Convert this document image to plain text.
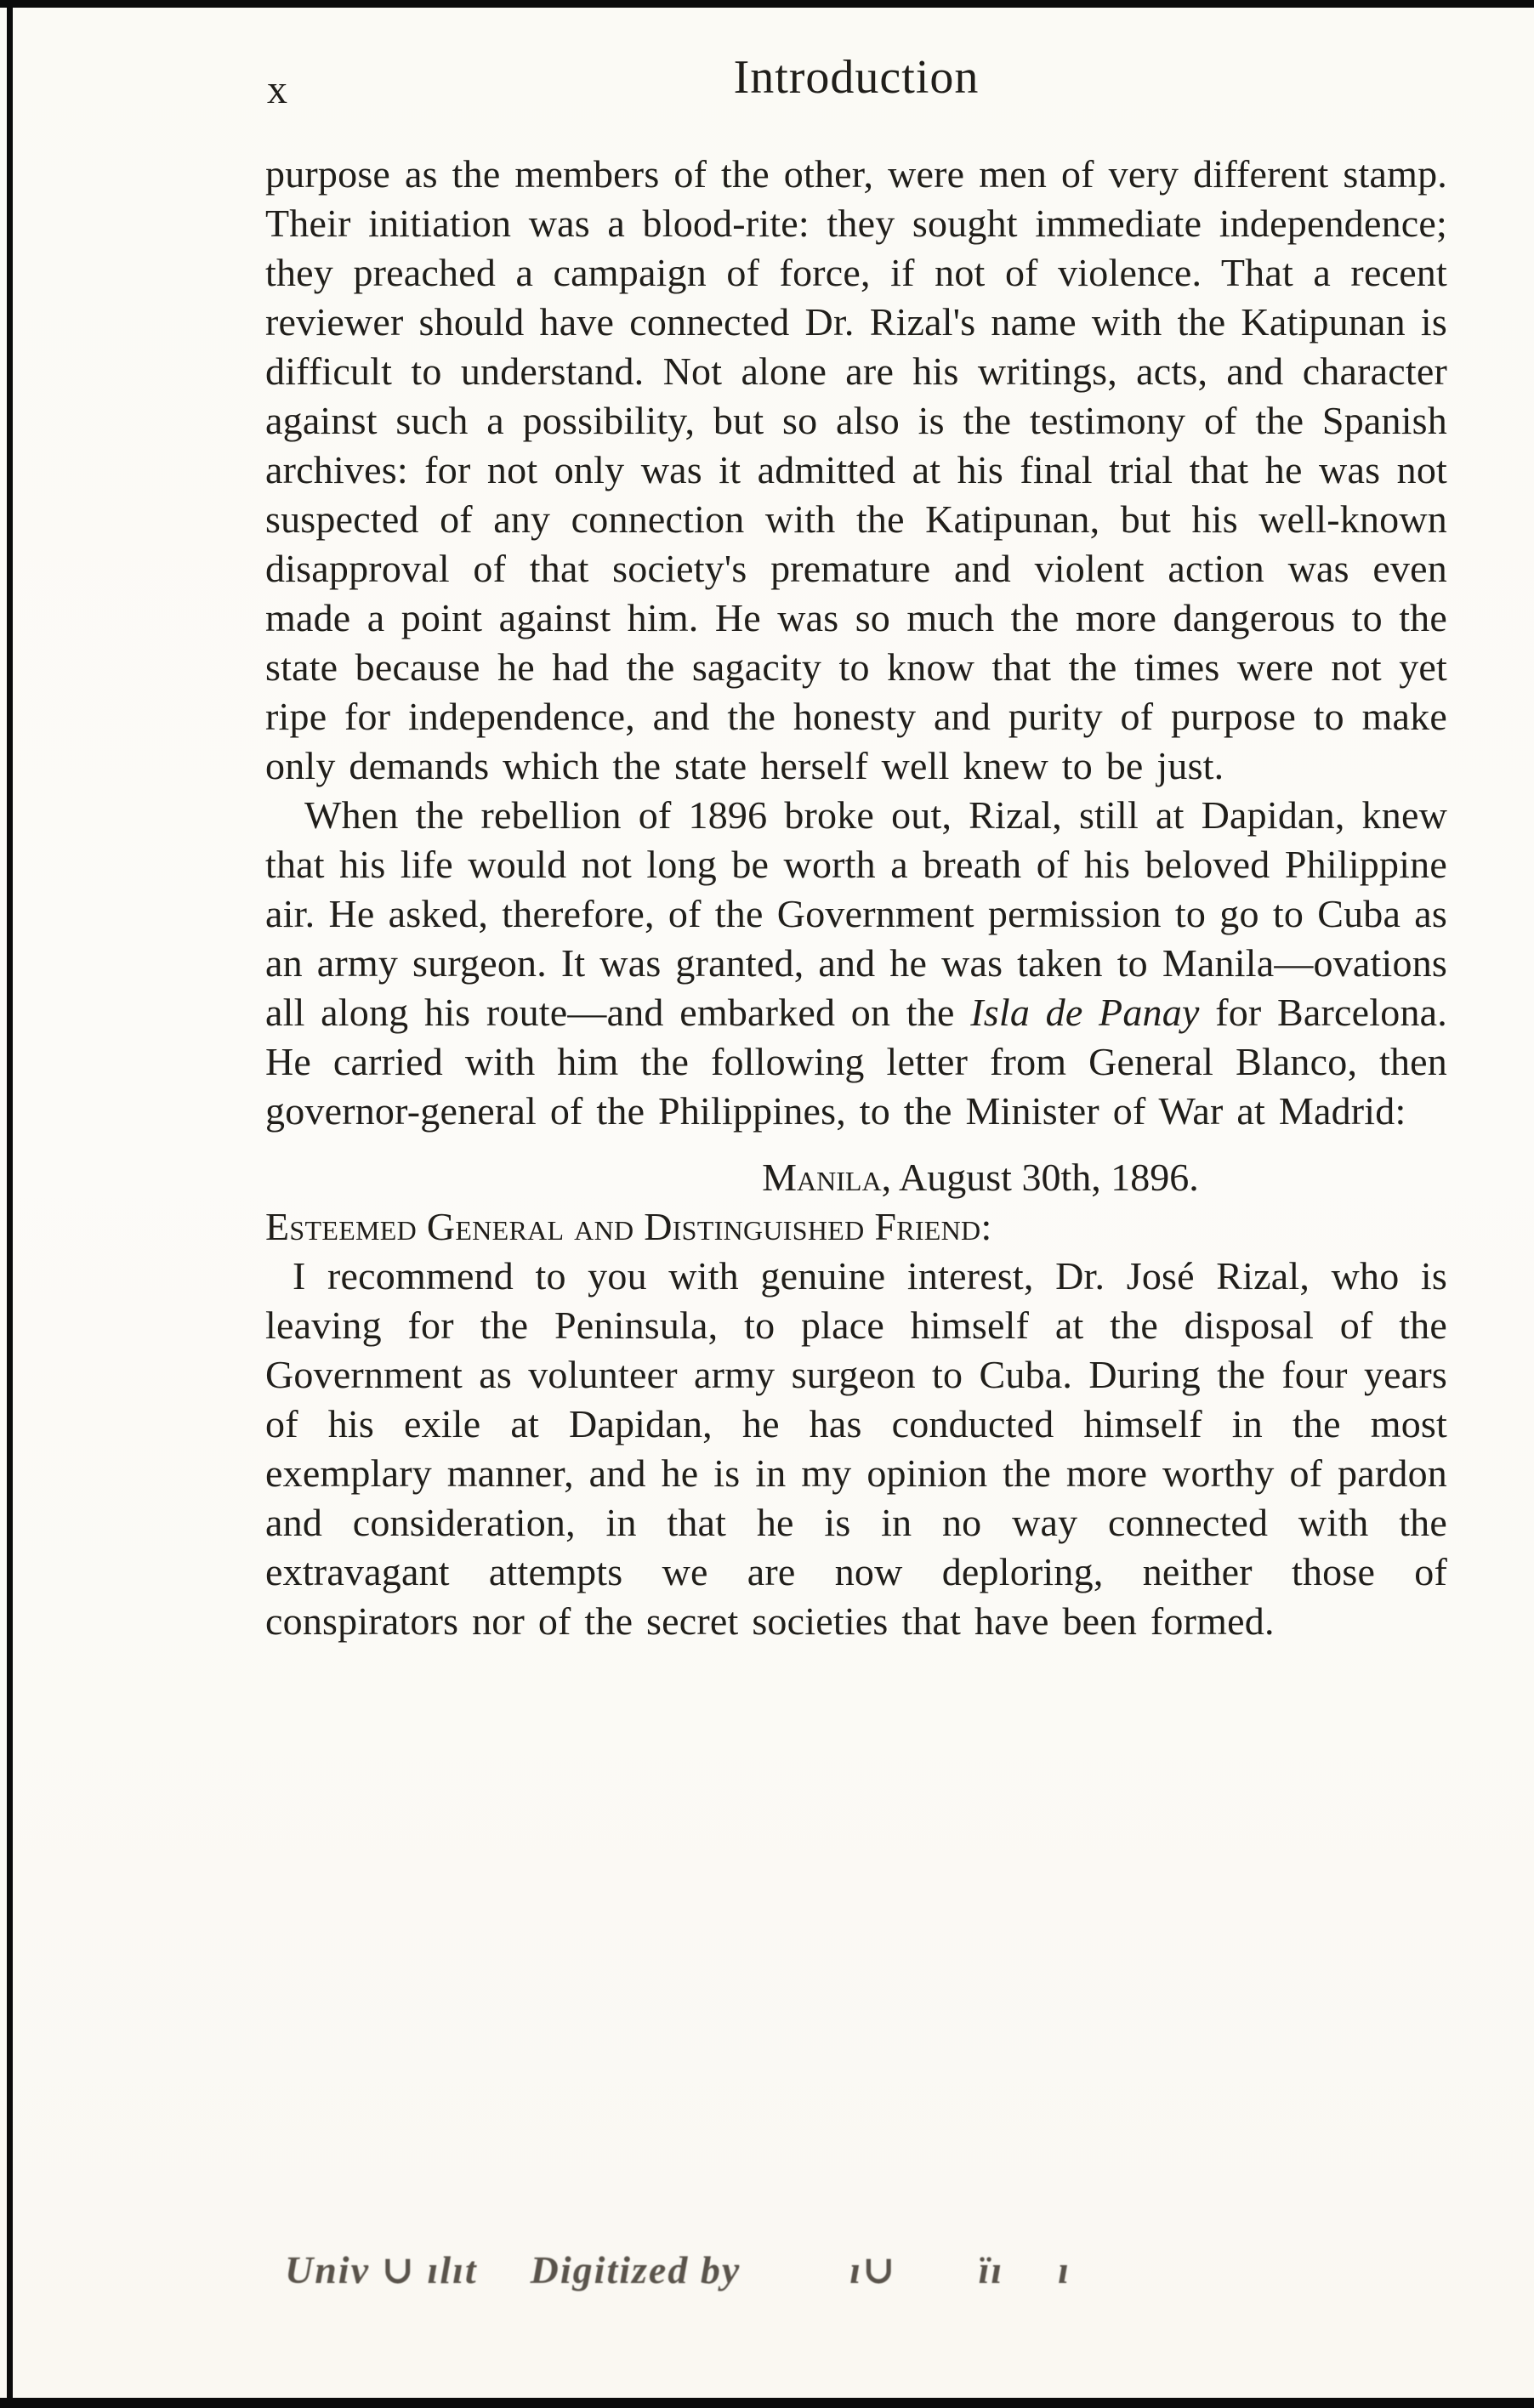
x	Introduction

purpose as the members of the other, were men of very different stamp. Their initiation was a blood-rite: they sought immediate independence; they preached a campaign of force, if not of violence. That a recent reviewer should have connected Dr. Rizal's name with the Katipunan is difficult to understand. Not alone are his writings, acts, and character against such a possibility, but so also is the testimony of the Spanish archives: for not only was it admitted at his final trial that he was not suspected of any connection with the Katipunan, but his well-known disapproval of that society's premature and violent action was even made a point against him. He was so much the more dangerous to the state because he had the sagacity to know that the times were not yet ripe for independence, and the honesty and purity of purpose to make only demands which the state herself well knew to be just.

When the rebellion of 1896 broke out, Rizal, still at Dapidan, knew that his life would not long be worth a breath of his beloved Philippine air. He asked, therefore, of the Government permission to go to Cuba as an army surgeon. It was granted, and he was taken to Manila—ovations all along his route—and embarked on the Isla de Panay for Barcelona. He carried with him the following letter from General Blanco, then governor-general of the Philippines, to the Minister of War at Madrid:

Manila, August 30th, 1896.
Esteemed General and Distinguished Friend:

I recommend to you with genuine interest, Dr. José Rizal, who is leaving for the Peninsula, to place himself at the disposal of the Government as volunteer army surgeon to Cuba. During the four years of his exile at Dapidan, he has conducted himself in the most exemplary manner, and he is in my opinion the more worthy of pardon and consideration, in that he is in no way connected with the extravagant attempts we are now deploring, neither those of conspirators nor of the secret societies that have been formed.

Univ ∪ ılıt Digitized by	ı∪ ïı ı
